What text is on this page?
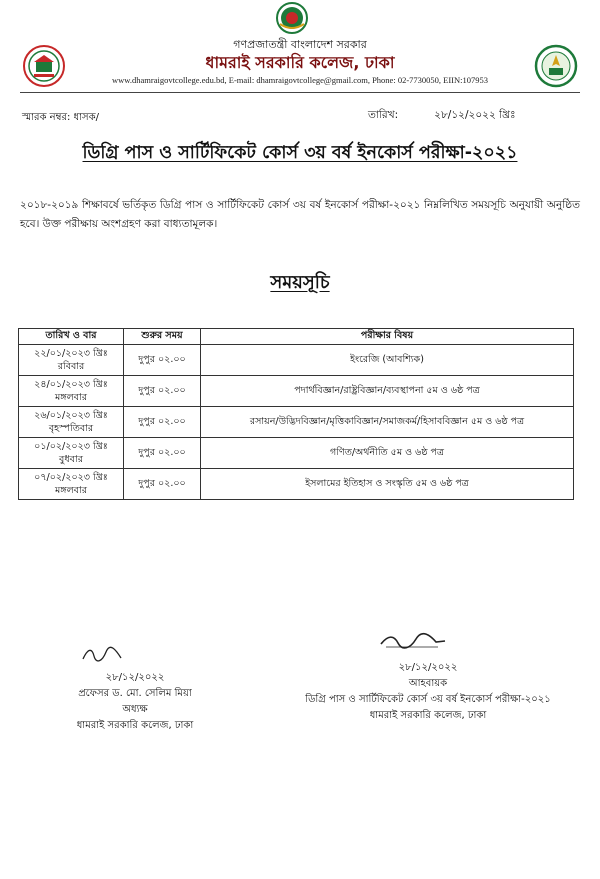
গণপ্রজাতন্ত্রী বাংলাদেশ সরকার
ধামরাই সরকারি কলেজ, ঢাকা
www.dhamraigovtcollege.edu.bd, E-mail: dhamraigovtcollege@gmail.com, Phone: 02-7730050, EIIN:107953
স্মারক নম্বর: ধাসক/	তারিখ:	২৮/১২/২০২২ খ্রিঃ
ডিগ্রি পাস ও সার্টিফিকেট কোর্স ৩য় বর্ষ ইনকোর্স পরীক্ষা-২০২১
২০১৮-২০১৯ শিক্ষাবর্ষে ভর্তিকৃত ডিগ্রি পাস ও সার্টিফিকেট কোর্স ৩য় বর্ষ ইনকোর্স পরীক্ষা-২০২১ নিম্নলিখিত সময়সূচি অনুযায়ী অনুষ্ঠিত হবে। উক্ত পরীক্ষায় অংশগ্রহণ করা বাধ্যতামূলক।
সময়সূচি
তারিখ ও বার	শুরুর সময়	পরীক্ষার বিষয়

২২/০১/২০২৩ খ্রিঃ
রবিবার	দুপুর ০২.০০	ইংরেজি (আবশ্যিক)

২৪/০১/২০২৩ খ্রিঃ
মঙ্গলবার	দুপুর ০২.০০	পদার্থবিজ্ঞান/রাষ্ট্রবিজ্ঞান/ব্যবস্থাপনা ৫ম ও ৬ষ্ঠ পত্র

২৬/০১/২০২৩ খ্রিঃ
বৃহস্পতিবার	দুপুর ০২.০০	রসায়ন/উদ্ভিদবিজ্ঞান/মৃত্তিকাবিজ্ঞান/সমাজকর্ম/হিসাববিজ্ঞান ৫ম ও ৬ষ্ঠ পত্র

০১/০২/২০২৩ খ্রিঃ
বুধবার	দুপুর ০২.০০	গণিত/অর্থনীতি ৫ম ও ৬ষ্ঠ পত্র

০৭/০২/২০২৩ খ্রিঃ
মঙ্গলবার	দুপুর ০২.০০	ইসলামের ইতিহাস ও সংস্কৃতি ৫ম ও ৬ষ্ঠ পত্র
২৮/১২/২০২২
প্রফেসর ড. মো. সেলিম মিয়া
অধ্যক্ষ
ধামরাই সরকারি কলেজ, ঢাকা
২৮/১২/২০২২
আহবায়ক
ডিগ্রি পাস ও সার্টিফিকেট কোর্স ৩য় বর্ষ ইনকোর্স পরীক্ষা-২০২১
ধামরাই সরকারি কলেজ, ঢাকা
